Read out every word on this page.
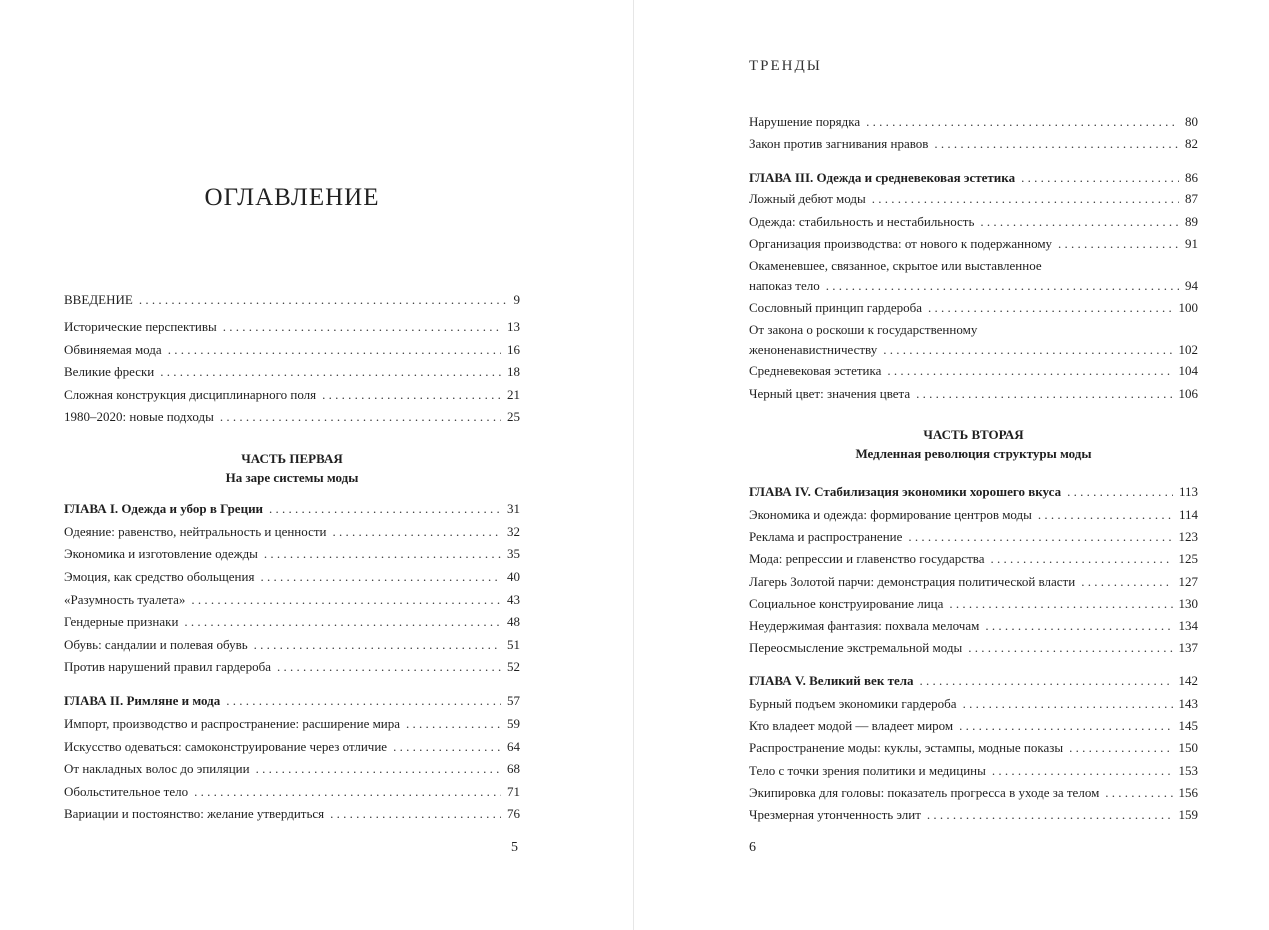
ОГЛАВЛЕНИЕ
ВВЕДЕНИЕ . . .	9
Исторические перспективы . . .	13
Обвиняемая мода . . .	16
Великие фрески . . .	18
Сложная конструкция дисциплинарного поля . . .	21
1980–2020: новые подходы . . .	25
ЧАСТЬ ПЕРВАЯ
На заре системы моды
ГЛАВА I. Одежда и убор в Греции . . .	31
Одеяние: равенство, нейтральность и ценности . . .	32
Экономика и изготовление одежды . . .	35
Эмоция, как средство обольщения . . .	40
«Разумность туалета» . . .	43
Гендерные признаки . . .	48
Обувь: сандалии и полевая обувь . . .	51
Против нарушений правил гардероба . . .	52
ГЛАВА II. Римляне и мода . . .	57
Импорт, производство и распространение: расширение мира . . .	59
Искусство одеваться: самоконструирование через отличие . . .	64
От накладных волос до эпиляции . . .	68
Обольстительное тело . . .	71
Вариации и постоянство: желание утвердиться . . .	76
5
ТРЕНДЫ
Нарушение порядка . . .	80
Закон против загнивания нравов . . .	82
ГЛАВА III. Одежда и средневековая эстетика . . .	86
Ложный дебют моды . . .	87
Одежда: стабильность и нестабильность . . .	89
Организация производства: от нового к подержанному . . .	91
Окаменевшее, связанное, скрытое или выставленное
напоказ тело . . .	94
Сословный принцип гардероба . . .	100
От закона о роскоши к государственному
женоненавистничеству . . .	102
Средневековая эстетика . . .	104
Черный цвет: значения цвета . . .	106
ЧАСТЬ ВТОРАЯ
Медленная революция структуры моды
ГЛАВА IV. Стабилизация экономики хорошего вкуса . . .	113
Экономика и одежда: формирование центров моды . . .	114
Реклама и распространение . . .	123
Мода: репрессии и главенство государства . . .	125
Лагерь Золотой парчи: демонстрация политической власти . . .	127
Социальное конструирование лица . . .	130
Неудержимая фантазия: похвала мелочам . . .	134
Переосмысление экстремальной моды . . .	137
ГЛАВА V. Великий век тела . . .	142
Бурный подъем экономики гардероба . . .	143
Кто владеет модой — владеет миром . . .	145
Распространение моды: куклы, эстампы, модные показы . . .	150
Тело с точки зрения политики и медицины . . .	153
Экипировка для головы: показатель прогресса в уходе за телом . . .	156
Чрезмерная утонченность элит . . .	159
6
